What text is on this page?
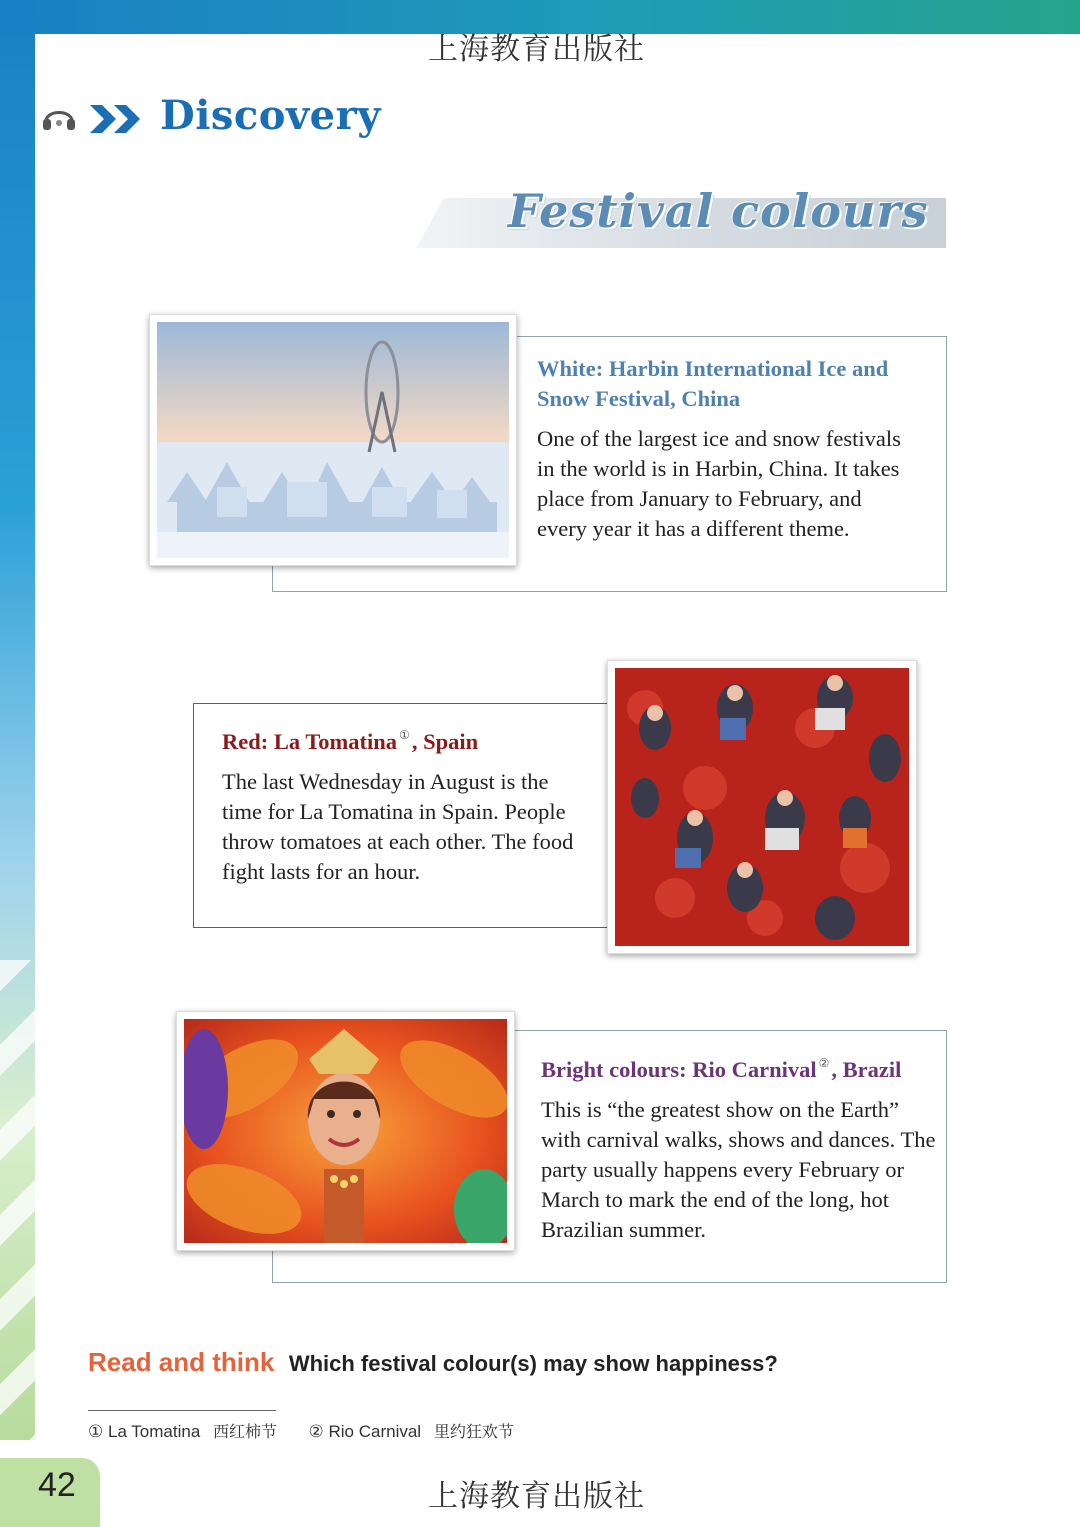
上海教育出版社
Discovery
Festival colours
White: Harbin International Ice and Snow Festival, China
One of the largest ice and snow festivals in the world is in Harbin, China. It takes place from January to February, and every year it has a different theme.
Red: La Tomatina ①, Spain
The last Wednesday in August is the time for La Tomatina in Spain. People throw tomatoes at each other. The food fight lasts for an hour.
Bright colours: Rio Carnival ②, Brazil
This is “the greatest show on the Earth” with carnival walks, shows and dances. The party usually happens every February or March to mark the end of the long, hot Brazilian summer.
Read and think Which festival colour(s) may show happiness?
① La Tomatina 西红柿节 ② Rio Carnival 里约狂欢节
42	上海教育出版社
